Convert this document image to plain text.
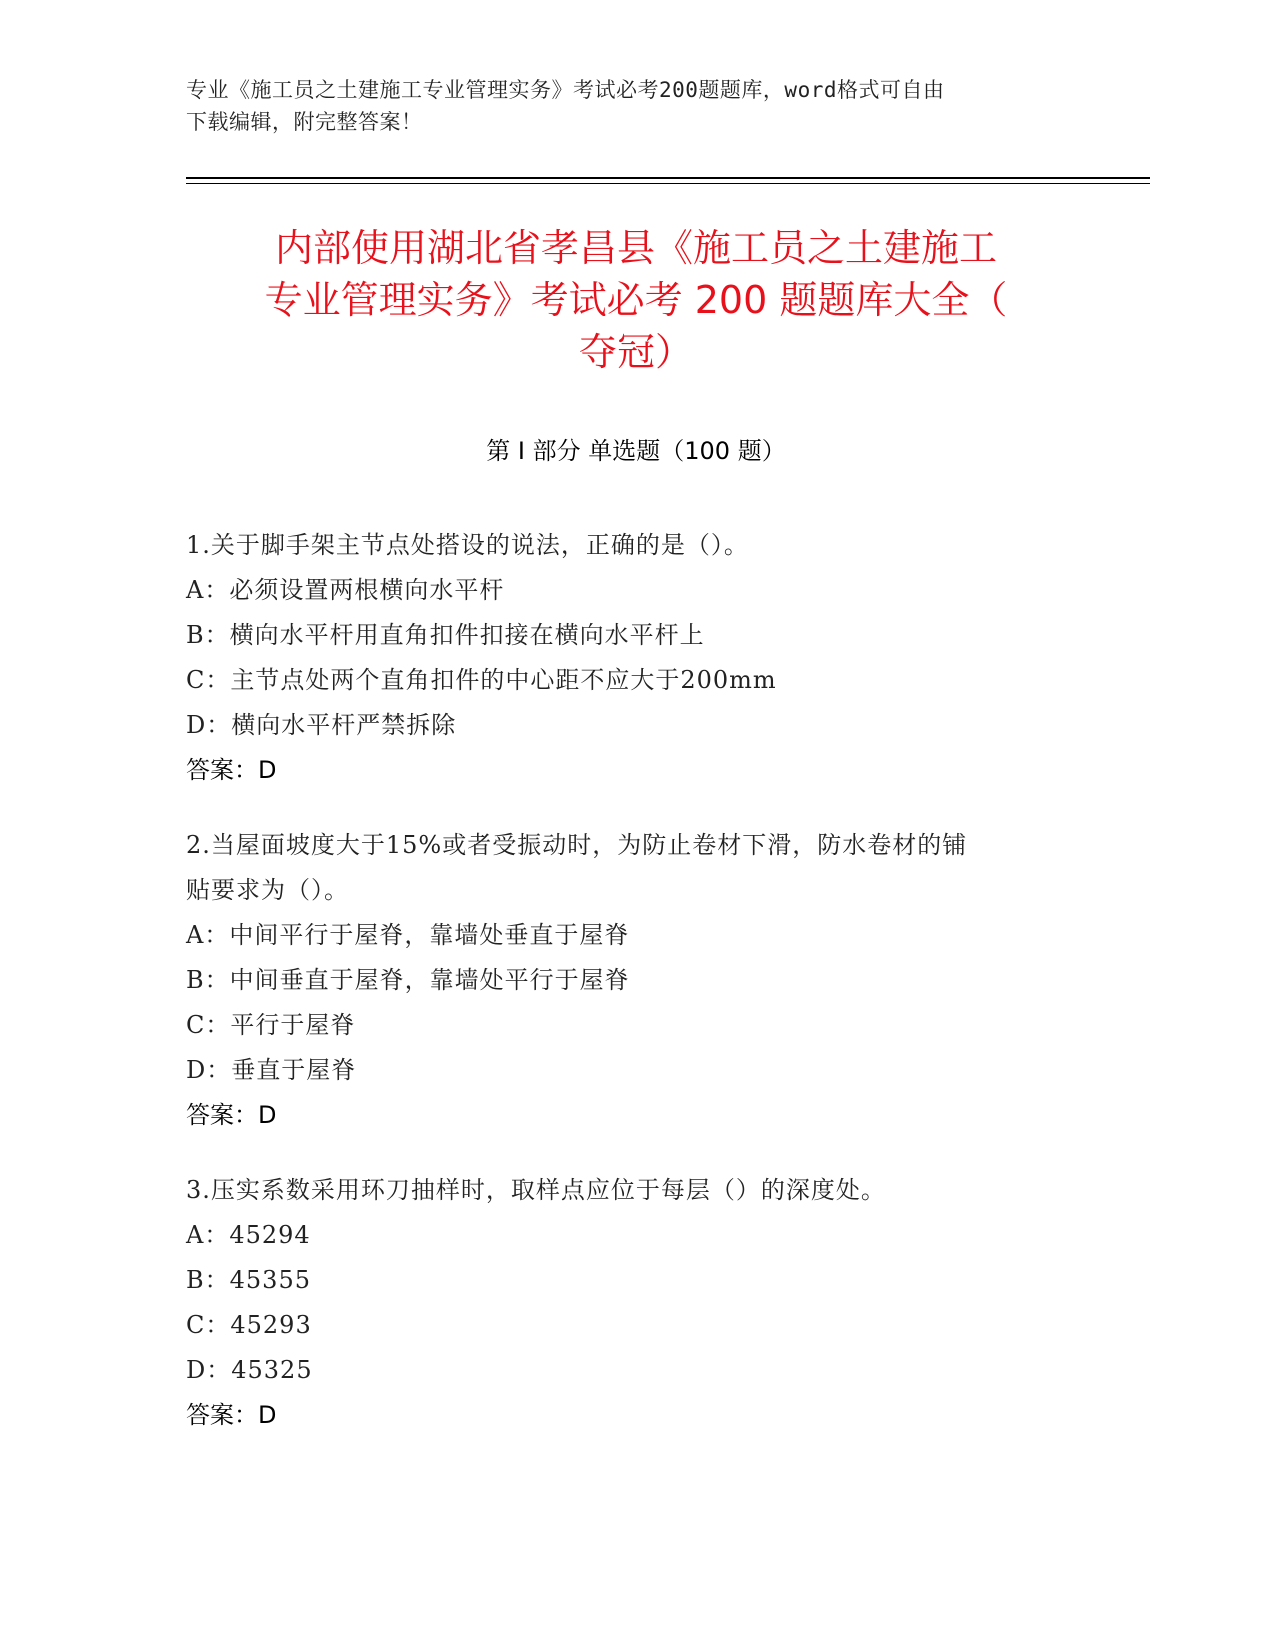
专业《施工员之土建施工专业管理实务》考试必考200题题库，word格式可自由
下载编辑，附完整答案！
内部使用湖北省孝昌县《施工员之土建施工
专业管理实务》考试必考 200 题题库大全（
夺冠）
第 I 部分 单选题（100 题）

1.关于脚手架主节点处搭设的说法，正确的是（）。

A：必须设置两根横向水平杆

B：横向水平杆用直角扣件扣接在横向水平杆上

C：主节点处两个直角扣件的中心距不应大于200mm

D：横向水平杆严禁拆除

答案：D

2.当屋面坡度大于15%或者受振动时，为防止卷材下滑，防水卷材的铺

贴要求为（）。

A：中间平行于屋脊，靠墙处垂直于屋脊

B：中间垂直于屋脊，靠墙处平行于屋脊

C：平行于屋脊

D：垂直于屋脊

答案：D

3.压实系数采用环刀抽样时，取样点应位于每层（）的深度处。

A：45294

B：45355

C：45293

D：45325

答案：D
